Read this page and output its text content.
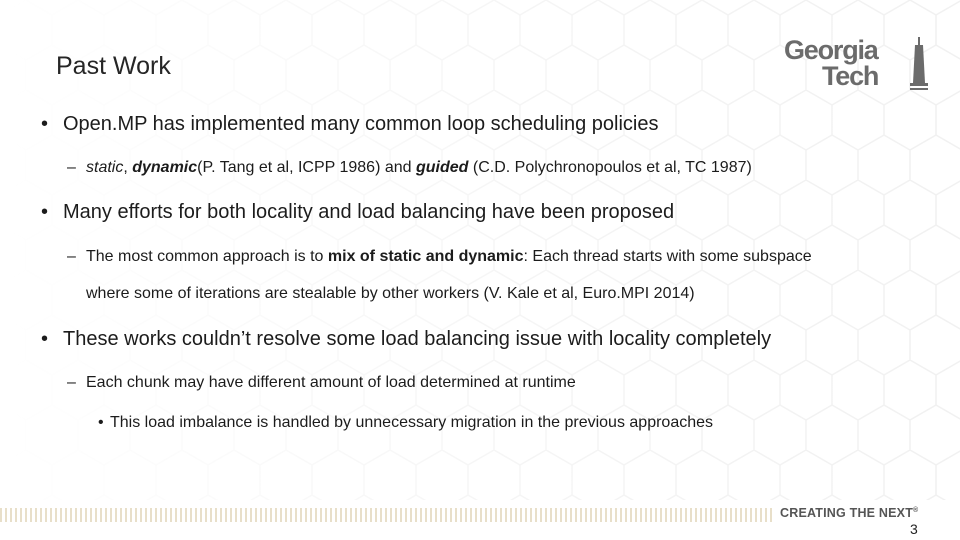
Past Work
Georgia
Tech
• Open.MP has implemented many common loop scheduling policies
– static, dynamic(P. Tang et al, ICPP 1986) and guided (C.D. Polychronopoulos et al, TC 1987)
• Many efforts for both locality and load balancing have been proposed
– The most common approach is to mix of static and dynamic: Each thread starts with some subspace
where some of iterations are stealable by other workers (V. Kale et al, Euro.MPI 2014)
• These works couldn’t resolve some load balancing issue with locality completely
– Each chunk may have different amount of load determined at runtime
• This load imbalance is handled by unnecessary migration in the previous approaches
CREATING THE NEXT®
3
